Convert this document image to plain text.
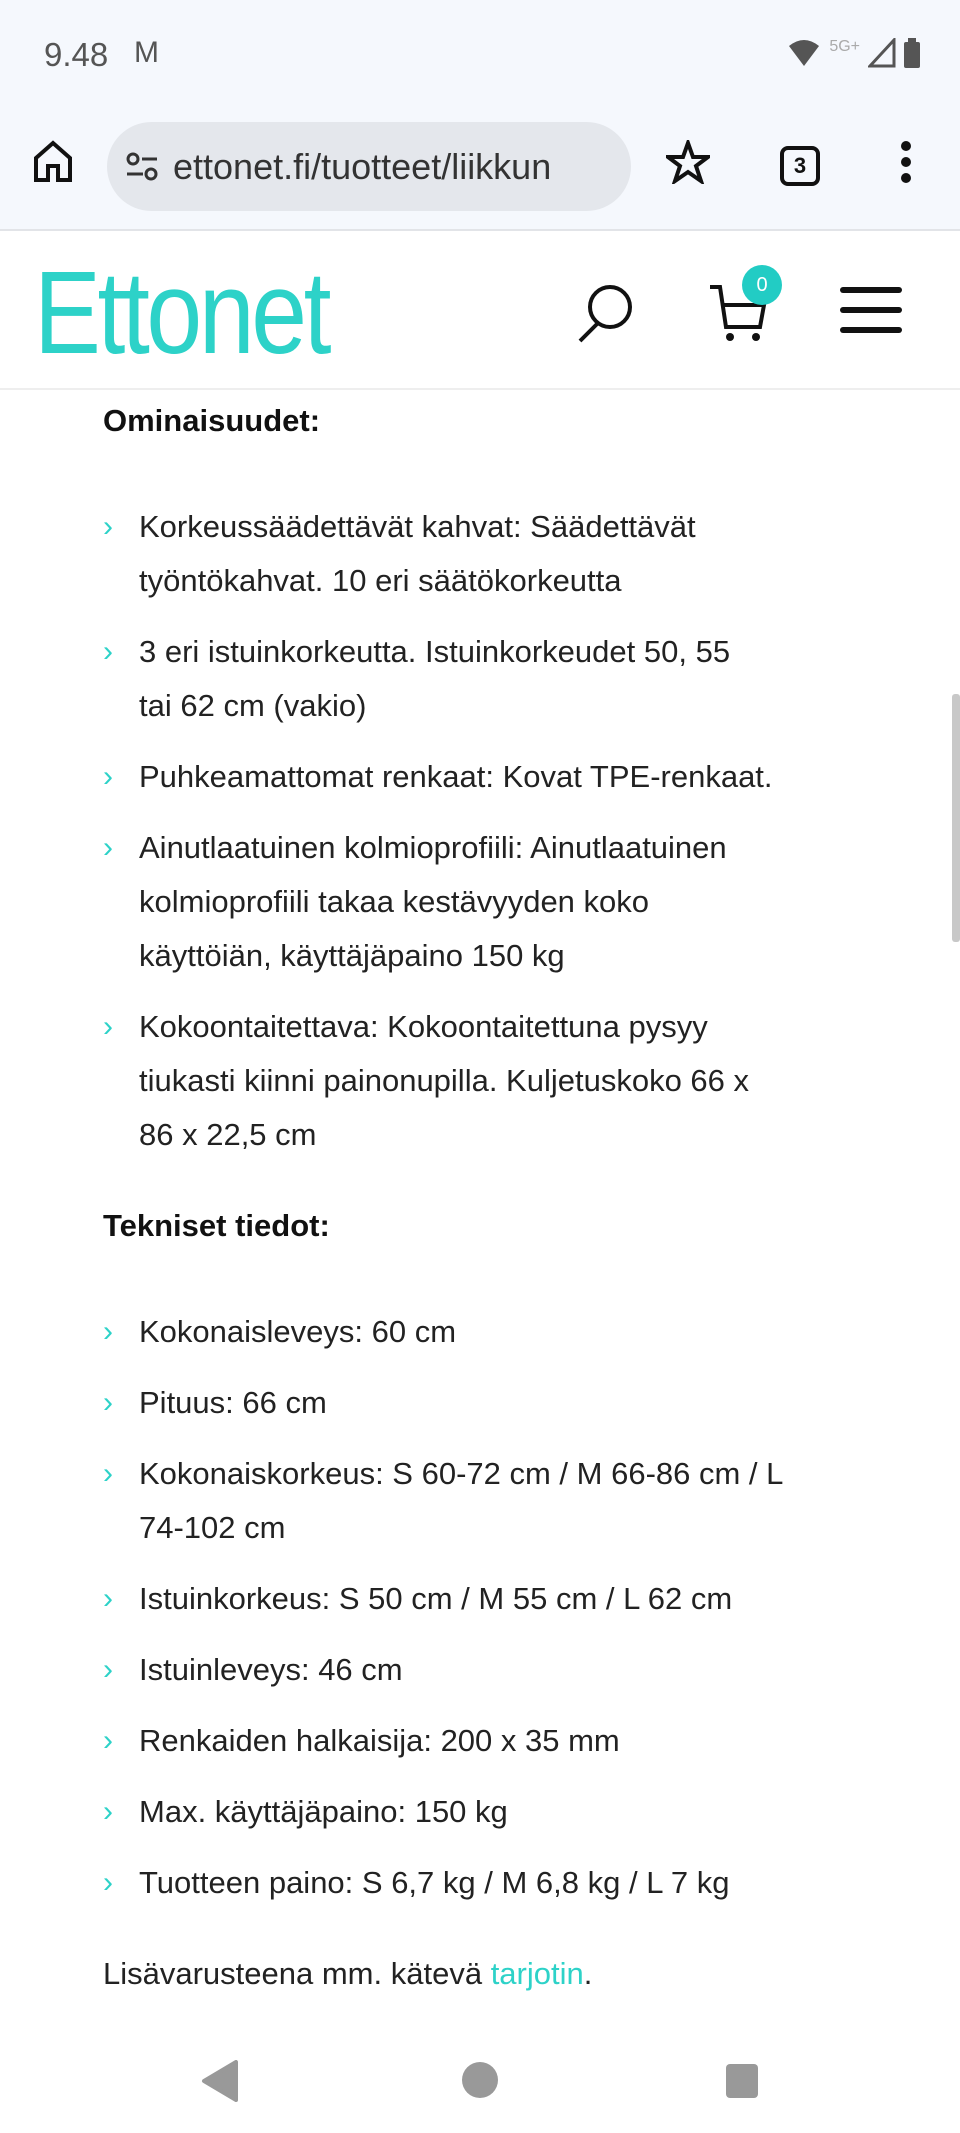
9.48 M	5G+
ettonet.fi/tuotteet/liikkun	3
Ettonet	0
Ominaisuudet:
› Korkeussäädettävät kahvat: Säädettävät
työntökahvat. 10 eri säätökorkeutta
› 3 eri istuinkorkeutta. Istuinkorkeudet 50, 55
tai 62 cm (vakio)
› Puhkeamattomat renkaat: Kovat TPE-renkaat.
› Ainutlaatuinen kolmioprofiili: Ainutlaatuinen
kolmioprofiili takaa kestävyyden koko
käyttöiän, käyttäjäpaino 150 kg
› Kokoontaitettava: Kokoontaitettuna pysyy
tiukasti kiinni painonupilla. Kuljetuskoko 66 x
86 x 22,5 cm
Tekniset tiedot:
› Kokonaisleveys: 60 cm
› Pituus: 66 cm
› Kokonaiskorkeus: S 60-72 cm / M 66-86 cm / L
74-102 cm
› Istuinkorkeus: S 50 cm / M 55 cm / L 62 cm
› Istuinleveys: 46 cm
› Renkaiden halkaisija: 200 x 35 mm
› Max. käyttäjäpaino: 150 kg
› Tuotteen paino: S 6,7 kg / M 6,8 kg / L 7 kg

Lisävarusteena mm. kätevä tarjotin.
